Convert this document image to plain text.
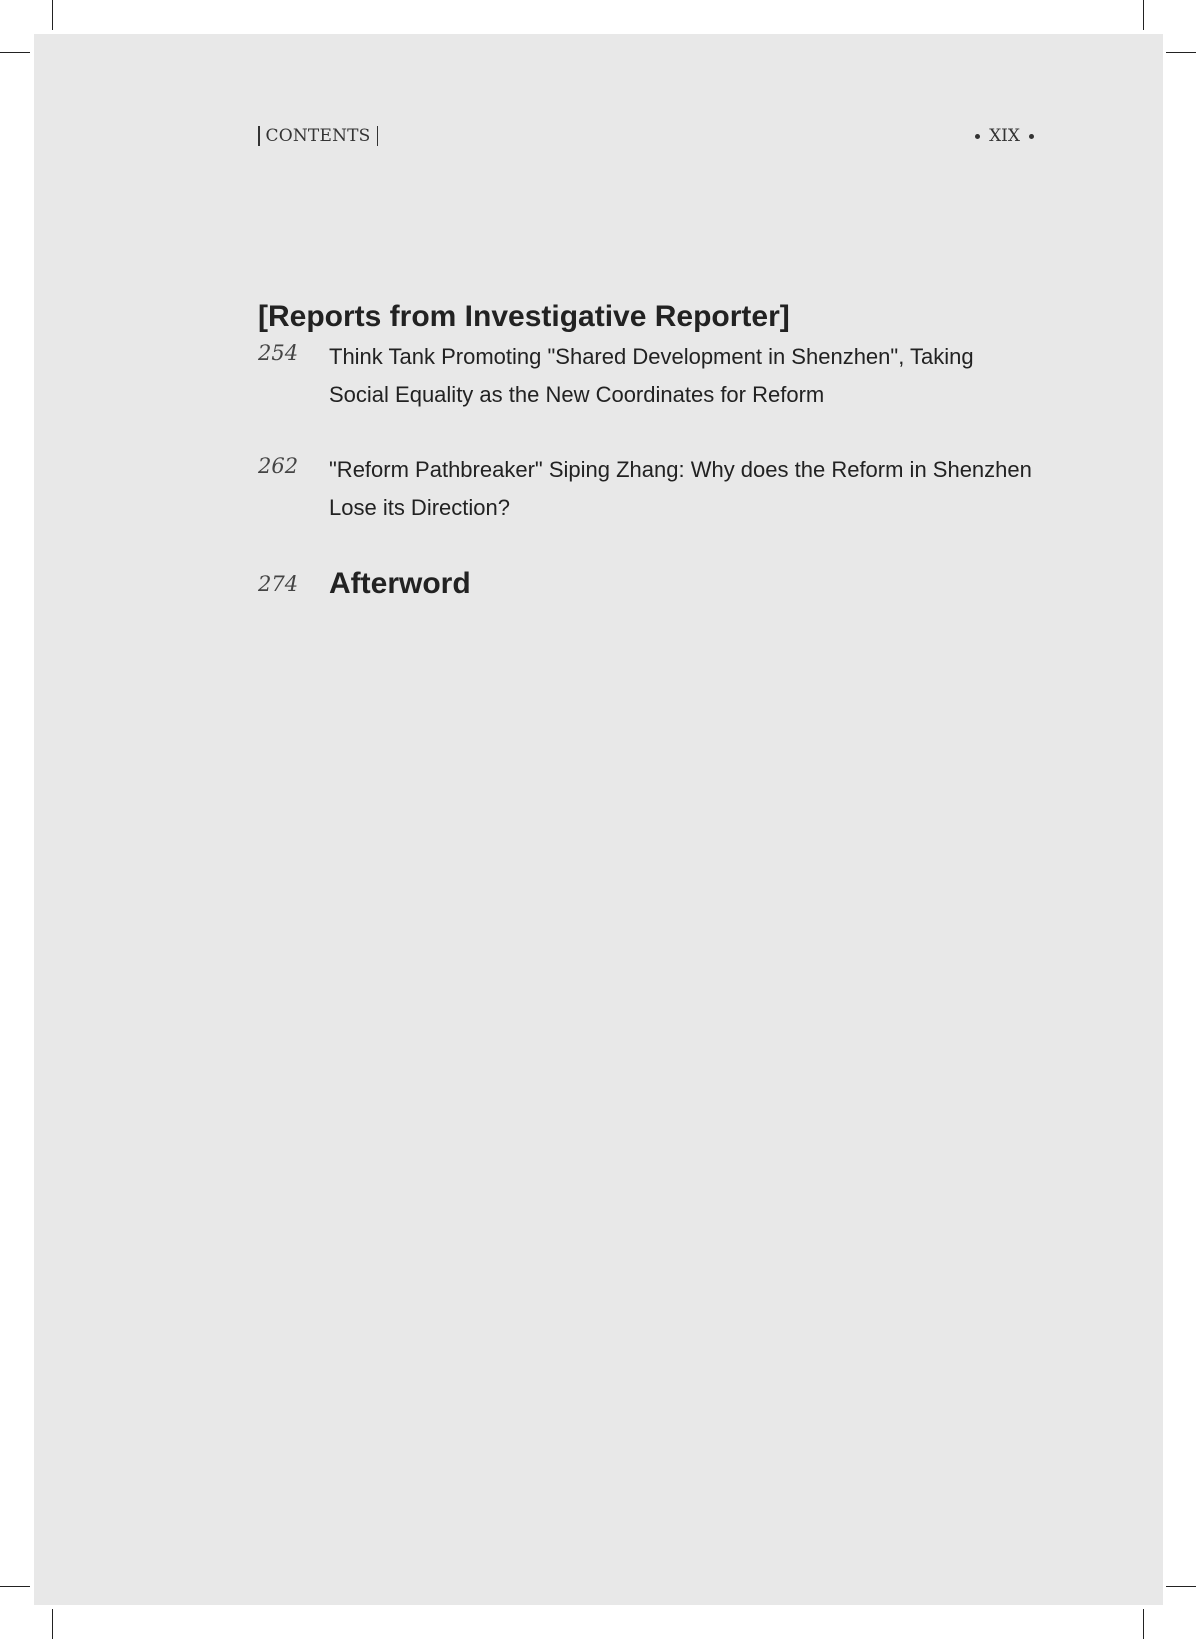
CONTENTS	XIX
[Reports from Investigative Reporter]
254 Think Tank Promoting "Shared Development in Shenzhen", Taking Social Equality as the New Coordinates for Reform
262 "Reform Pathbreaker" Siping Zhang: Why does the Reform in Shenzhen Lose its Direction?
274 Afterword
